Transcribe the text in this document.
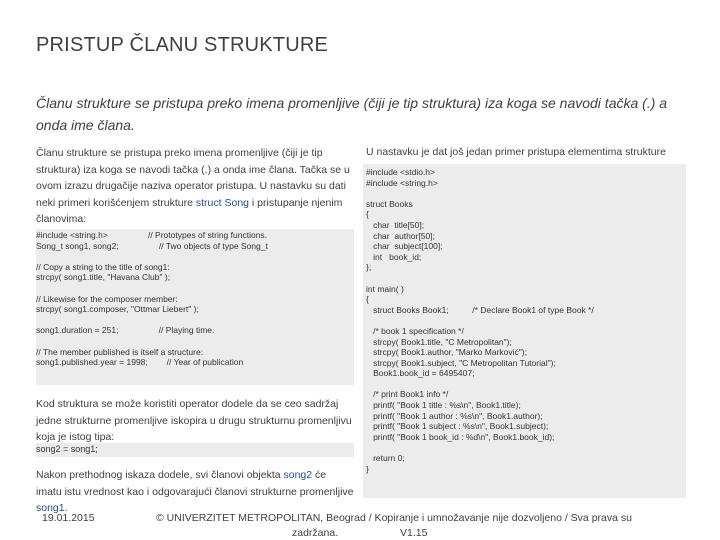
PRISTUP ČLANU STRUKTURE
Članu strukture se pristupa preko imena promenljive (čiji je tip struktura) iza koga se navodi tačka (.) a onda ime člana.
Članu strukture se pristupa preko imena promenljive (čiji je tip struktura) iza koga se navodi tačka (.) a onda ime člana. Tačka se u ovom izrazu drugačije naziva operator pristupa. U nastavku su dati neki primeri korišćenjem strukture struct Song i pristupanje njenim članovima:
#include <string.h>                 // Prototypes of string functions.
Song_t song1, song2;                 // Two objects of type Song_t

// Copy a string to the title of song1:
strcpy( song1.title, "Havana Club" );

// Likewise for the composer member:
strcpy( song1.composer, "Ottmar Liebert" );

song1.duration = 251;                 // Playing time.

// The member published is itself a structure:
song1.published.year = 1998;        // Year of publication
Kod struktura se može koristiti operator dodele da se ceo sadržaj jedne strukturne promenljive iskopira u drugu strukturnu promenljivu koja je istog tipa:
song2 = song1;
Nakon prethodnog iskaza dodele, svi članovi objekta song2 će imatu istu vrednost kao i odgovarajući članovi strukturne promenljive song1.
U nastavku je dat još jedan primer pristupa elementima strukture
#include <stdio.h>
#include <string.h>

struct Books
{
char  title[50];
char  author[50];
char  subject[100];
int   book_id;
};

int main( )
{
struct Books Book1;          /* Declare Book1 of type Book */

/* book 1 specification */
strcpy( Book1.title, "C Metropolitan");
strcpy( Book1.author, "Marko Marković");
strcpy( Book1.subject, "C Metropolitan Tutorial");
Book1.book_id = 6495407;

/* print Book1 info */
printf( "Book 1 title : %s\n", Book1.title);
printf( "Book 1 author : %s\n", Book1.author);
printf( "Book 1 subject : %s\n", Book1.subject);
printf( "Book 1 book_id : %d\n", Book1.book_id);

return 0;
}
19.01.2015	© UNIVERZITET METROPOLITAN, Beograd / Kopiranje i umnožavanje nije dozvoljeno / Sva prava su
zadržana.	V1.15
